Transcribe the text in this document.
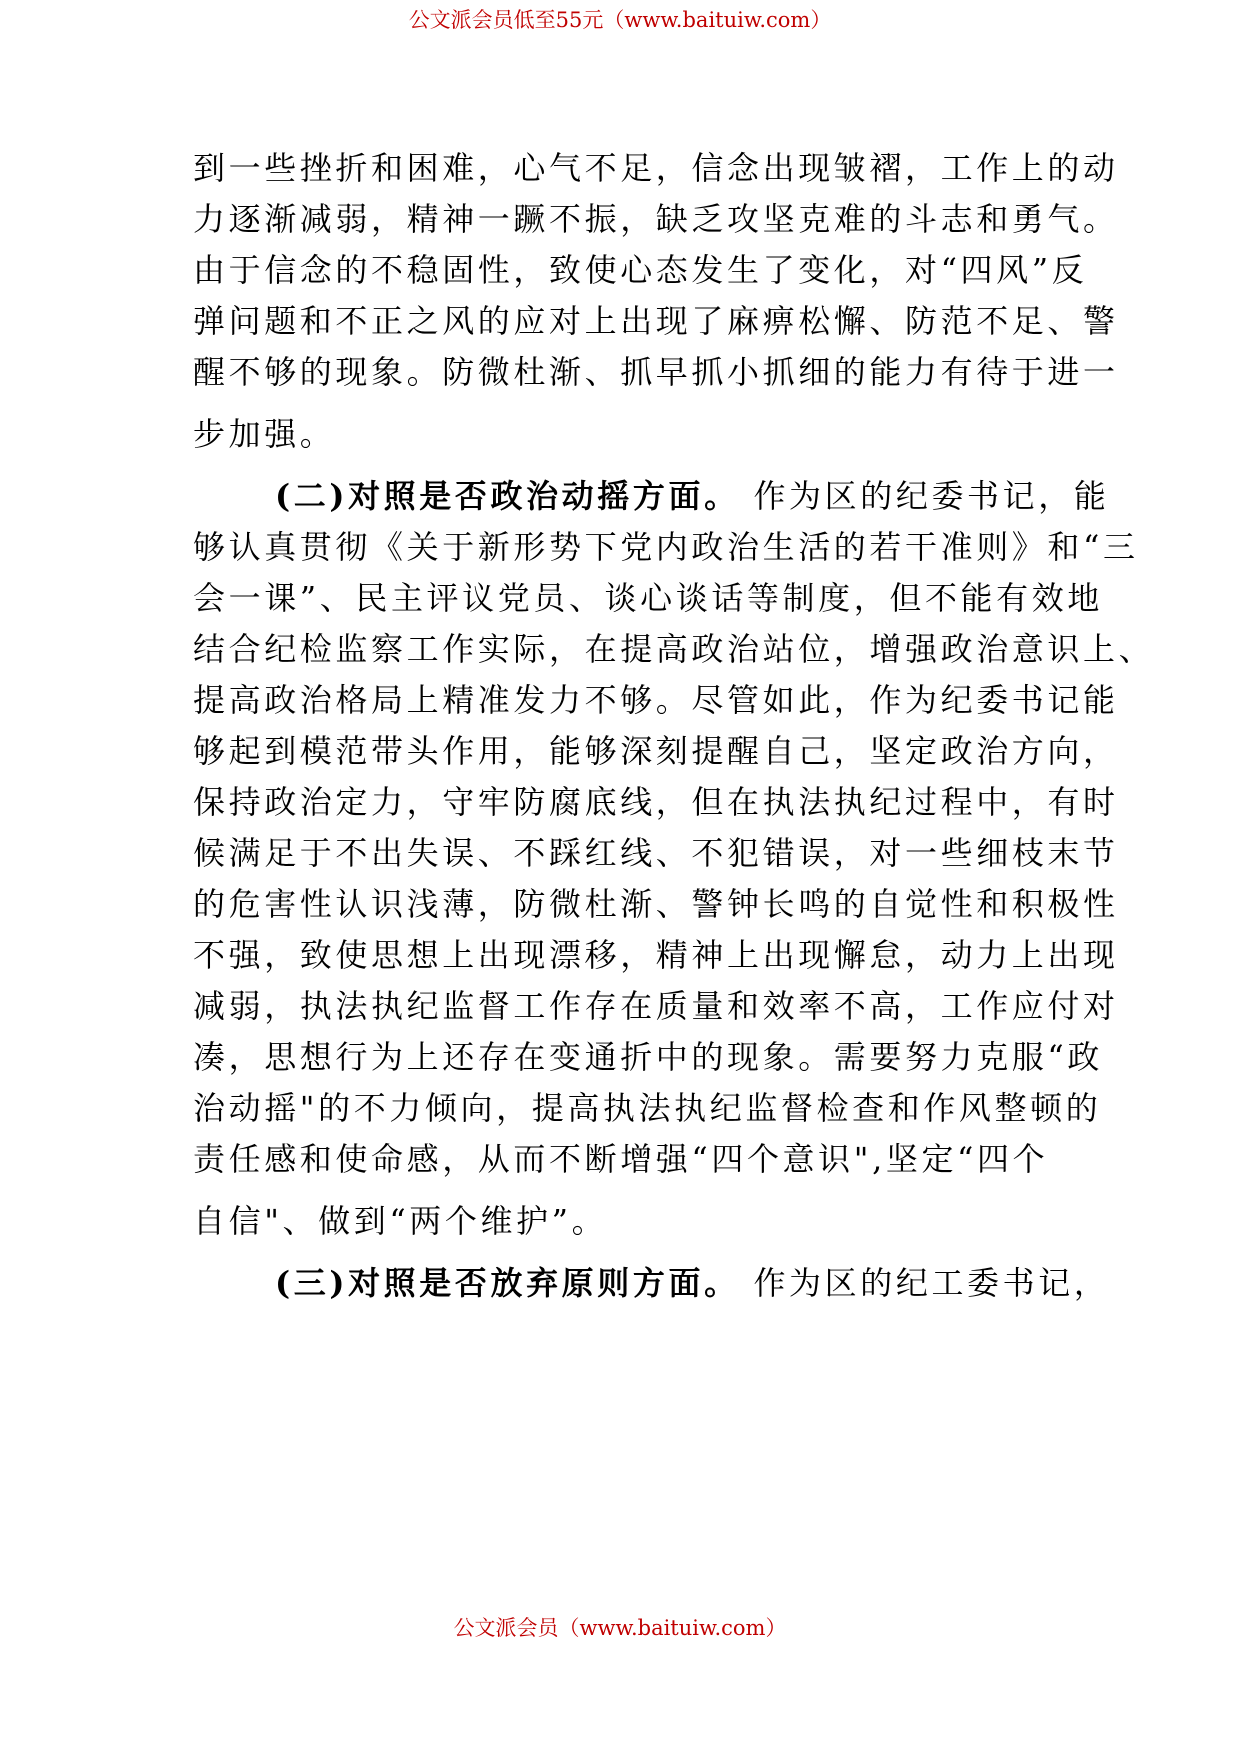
公文派会员低至55元（www.baituiw.com）
到一些挫折和困难，心气不足，信念出现皱褶，工作上的动
力逐渐减弱，精神一蹶不振，缺乏攻坚克难的斗志和勇气。
由于信念的不稳固性，致使心态发生了变化，对“四风”反
弹问题和不正之风的应对上出现了麻痹松懈、防范不足、警
醒不够的现象。防微杜渐、抓早抓小抓细的能力有待于进一
步加强。
(二)对照是否政治动摇方面。 作为区的纪委书记，能
够认真贯彻《关于新形势下党内政治生活的若干准则》和“三
会一课”、民主评议党员、谈心谈话等制度，但不能有效地
结合纪检监察工作实际，在提高政治站位，增强政治意识上、
提高政治格局上精准发力不够。尽管如此，作为纪委书记能
够起到模范带头作用，能够深刻提醒自己，坚定政治方向，
保持政治定力，守牢防腐底线，但在执法执纪过程中，有时
候满足于不出失误、不踩红线、不犯错误，对一些细枝末节
的危害性认识浅薄，防微杜渐、警钟长鸣的自觉性和积极性
不强，致使思想上出现漂移，精神上出现懈怠，动力上出现
减弱，执法执纪监督工作存在质量和效率不高，工作应付对
凑，思想行为上还存在变通折中的现象。需要努力克服“政
治动摇"的不力倾向，提高执法执纪监督检查和作风整顿的
责任感和使命感，从而不断增强“四个意识",坚定“四个
自信"、做到“两个维护”。
(三)对照是否放弃原则方面。 作为区的纪工委书记，
公文派会员（www.baituiw.com）
